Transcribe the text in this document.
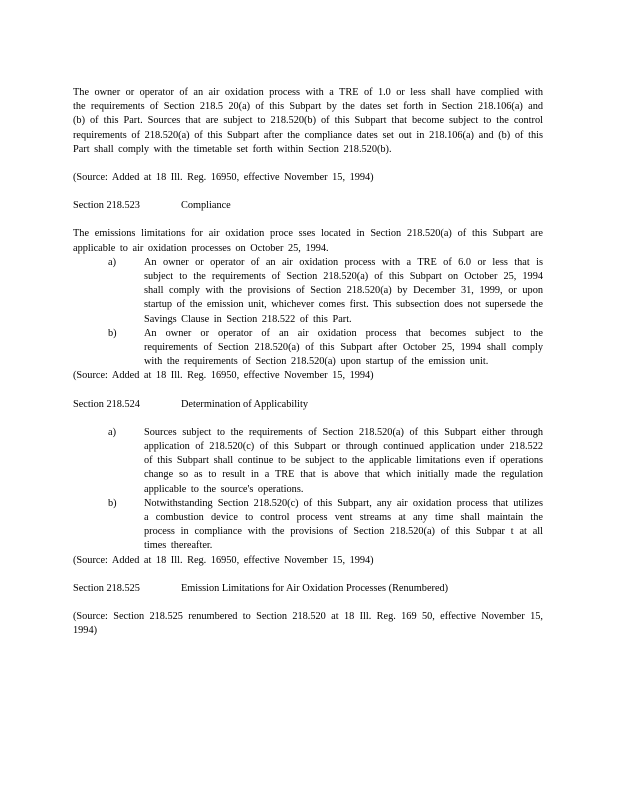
The owner or operator of an air oxidation process with a TRE of 1.0 or less shall have complied with the requirements of Section 218.5 20(a) of this Subpart by the dates set forth in Section 218.106(a) and (b) of this Part. Sources that are subject to 218.520(b) of this Subpart that become subject to the control requirements of 218.520(a) of this Subpart after the compliance dates set out in 218.106(a) and (b) of this Part shall comply with the timetable set forth within Section 218.520(b).

(Source: Added at 18 Ill. Reg. 16950, effective November 15, 1994)

Section 218.523	Compliance

The emissions limitations for air oxidation proce sses located in Section 218.520(a) of this Subpart are applicable to air oxidation processes on October 25, 1994.

a)	An owner or operator of an air oxidation process with a TRE of 6.0 or less that is subject to the requirements of Section 218.520(a) of this Subpart on October 25, 1994 shall comply with the provisions of Section 218.520(a) by December 31, 1999, or upon startup of the emission unit, whichever comes first. This subsection does not supersede the Savings Clause in Section 218.522 of this Part.
b)	An owner or operator of an air oxidation process that becomes subject to the requirements of Section 218.520(a) of this Subpart after October 25, 1994 shall comply with the requirements of Section 218.520(a) upon startup of the emission unit.

(Source: Added at 18 Ill. Reg. 16950, effective November 15, 1994)

Section 218.524	Determination of Applicability
a)	Sources subject to the requirements of Section 218.520(a) of this Subpart either through application of 218.520(c) of this Subpart or through continued application under 218.522 of this Subpart shall continue to be subject to the applicable limitations even if operations change so as to result in a TRE that is above that which initially made the regulation applicable to the source's operations.
b)	Notwithstanding Section 218.520(c) of this Subpart, any air oxidation process that utilizes a combustion device to control process vent streams at any time shall maintain the process in compliance with the provisions of Section 218.520(a) of this Subpar t at all times thereafter.

(Source: Added at 18 Ill. Reg. 16950, effective November 15, 1994)

Section 218.525	Emission Limitations for Air Oxidation Processes (Renumbered)

(Source: Section 218.525 renumbered to Section 218.520 at 18 Ill. Reg. 169 50, effective November 15, 1994)
